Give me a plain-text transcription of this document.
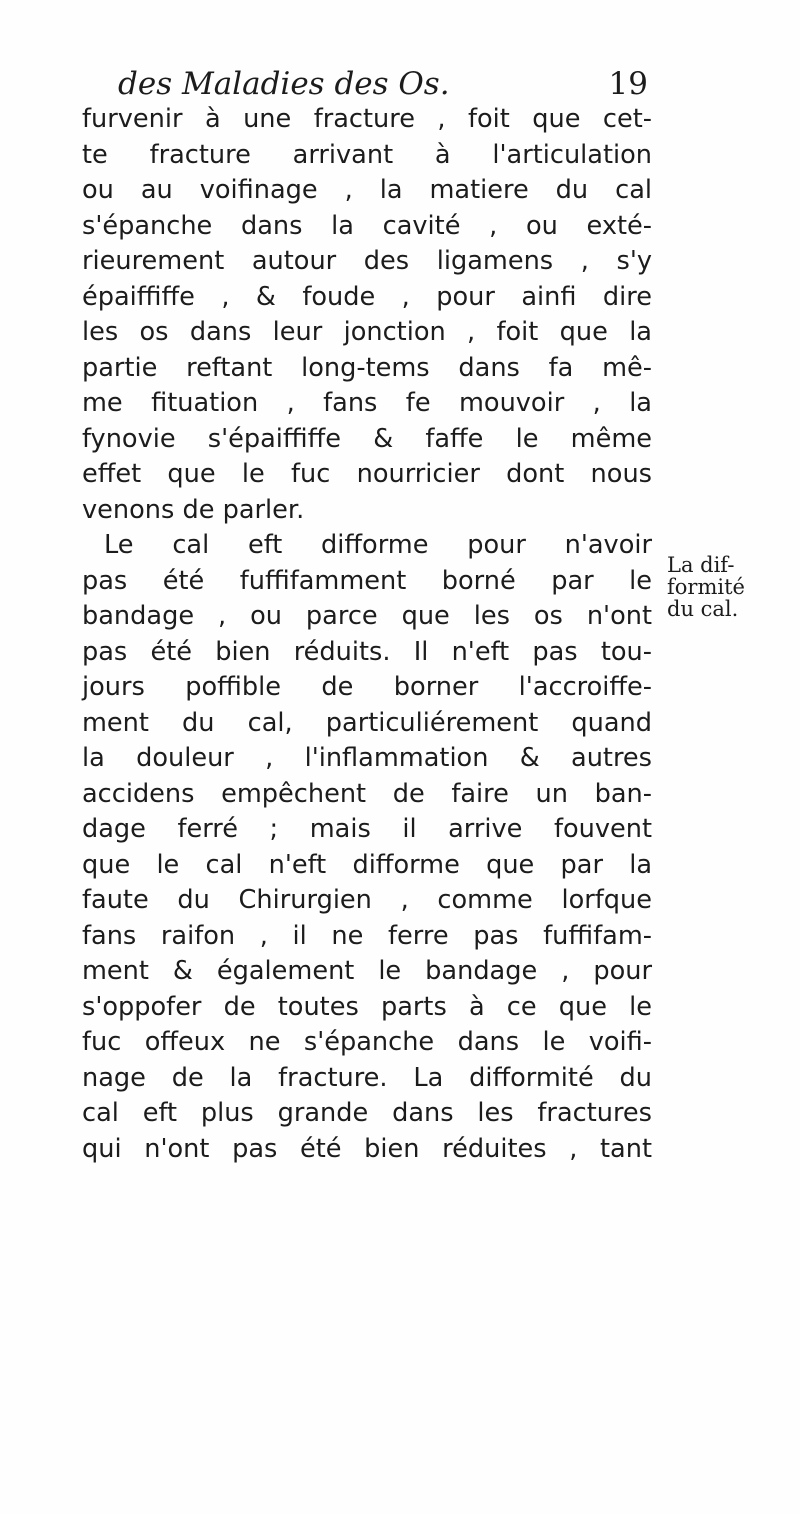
des Maladies des Os.	19
furvenir à une fracture , foit que cet-
te fracture arrivant à l'articulation
ou au voifinage , la matiere du cal
s'épanche dans la cavité , ou exté-
rieurement autour des ligamens , s'y
épaiffiffe , & foude , pour ainfi dire
les os dans leur jonction , foit que la
partie reftant long-tems dans fa mê-
me fituation , fans fe mouvoir , la
fynovie s'épaiffiffe & faffe le même
effet que le fuc nourricier dont nous
venons de parler.
Le cal eft difforme pour n'avoir
pas été fuffifamment borné par le
bandage , ou parce que les os n'ont
pas été bien réduits. Il n'eft pas tou-
jours poffible de borner l'accroiffe-
ment du cal, particuliérement quand
la douleur , l'inflammation & autres
accidens empêchent de faire un ban-
dage ferré ; mais il arrive fouvent
que le cal n'eft difforme que par la
faute du Chirurgien , comme lorfque
fans raifon , il ne ferre pas fuffifam-
ment & également le bandage , pour
s'oppofer de toutes parts à ce que le
fuc offeux ne s'épanche dans le voifi-
nage de la fracture. La difformité du
cal eft plus grande dans les fractures
qui n'ont pas été bien réduites , tant
La dif-
formité
du cal.
